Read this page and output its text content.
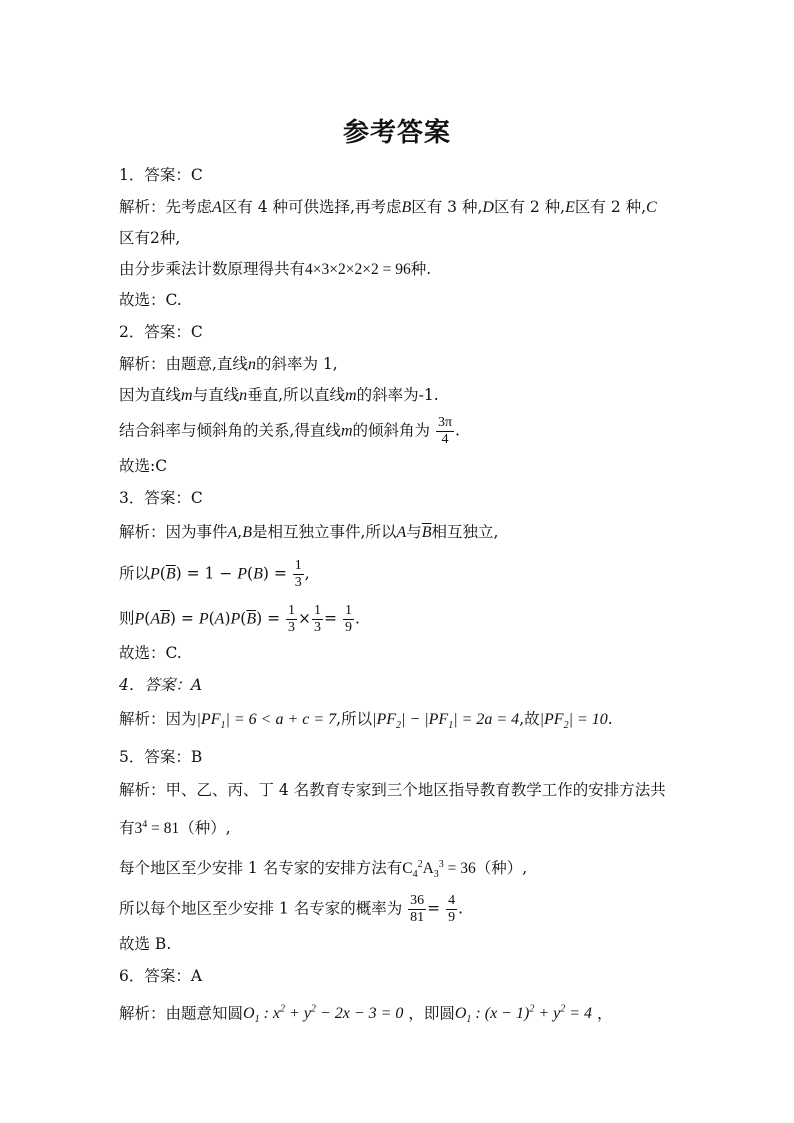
参考答案
1．答案：C
解析：先考虑A区有 4 种可供选择,再考虑B区有 3 种,D区有 2 种,E区有 2 种,C
区有2种,
由分步乘法计数原理得共有4×3×2×2×2 = 96种.
故选：C.
2．答案：C
解析：由题意,直线n的斜率为 1,
因为直线m与直线n垂直,所以直线m的斜率为-1.
结合斜率与倾斜角的关系,得直线m的倾斜角为 $\frac{3\pi}{4}$ .
故选:C
3．答案：C
解析：因为事件A,B是相互独立事件,所以A与$\overline{B}$相互独立,
所以$P(\overline{B}) = 1 - P(B) = \frac{1}{3}$ ,
则$P(A\overline{B}) = P(A)P(\overline{B}) = \frac{1}{3} \times \frac{1}{3} = \frac{1}{9}$ .
故选：C.
4．答案：A
解析：因为$|PF_1| = 6 < a + c = 7$,所以$|PF_2| - |PF_1| = 2a = 4$,故$|PF_2| = 10$.
5．答案：B
解析：甲、乙、丙、丁 4 名教育专家到三个地区指导教育教学工作的安排方法共
有$3^4 = 81$（种）,
每个地区至少安排 1 名专家的安排方法有$C_4^2A_3^3 = 36$（种）,
所以每个地区至少安排 1 名专家的概率为 $\frac{36}{81} = \frac{4}{9}$ .
故选 B.
6．答案：A
解析：由题意知圆$O_1$ : $x^2 + y^2 - 2x - 3 = 0$ ，即圆$O_1$ : $(x - 1)^2 + y^2 = 4$ ，
